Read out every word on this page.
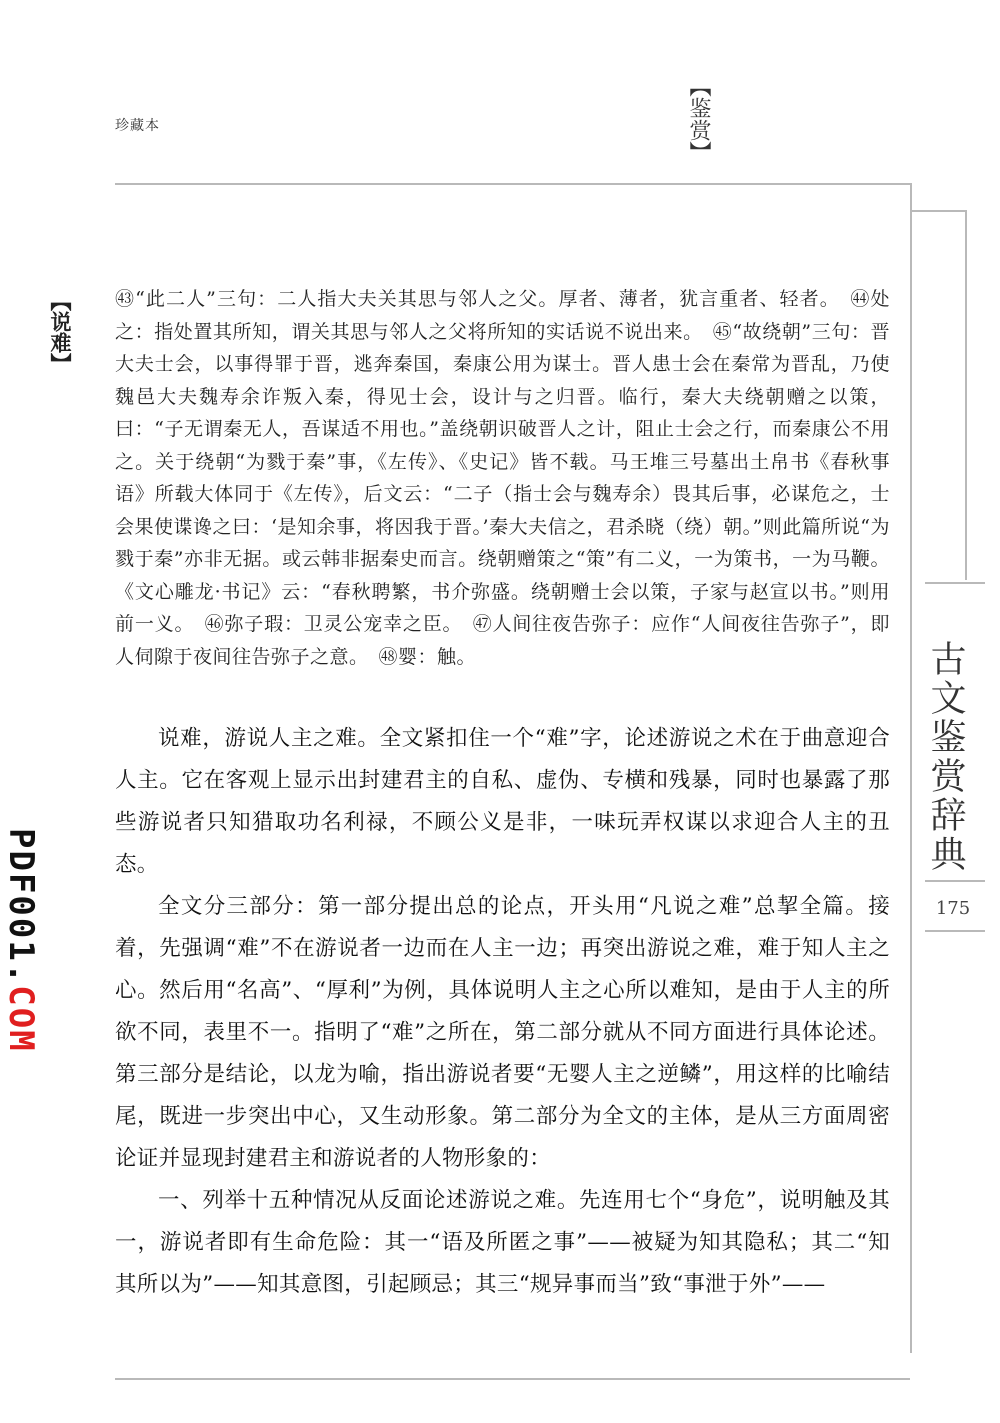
珍藏本	【鉴赏】
【说难】
古文鉴赏辞典
175
PDF001.COM

㊸“此二人”三句：二人指大夫关其思与邻人之父。厚者、薄者，犹言重者、轻者。　㊹处之：指处置其所知，谓关其思与邻人之父将所知的实话说不说出来。　㊺“故绕朝”三句：晋大夫士会，以事得罪于晋，逃奔秦国，秦康公用为谋士。晋人患士会在秦常为晋乱，乃使魏邑大夫魏寿余诈叛入秦，得见士会，设计与之归晋。临行，秦大夫绕朝赠之以策，曰：“子无谓秦无人，吾谋适不用也。”盖绕朝识破晋人之计，阻止士会之行，而秦康公不用之。关于绕朝“为戮于秦”事，《左传》、《史记》皆不载。马王堆三号墓出土帛书《春秋事语》所载大体同于《左传》，后文云：“二子（指士会与魏寿余）畏其后事，必谋危之，士会果使谍谗之曰：‘是知余事，将因我于晋。’秦大夫信之，君杀晓（绕）朝。”则此篇所说“为戮于秦”亦非无据。或云韩非据秦史而言。绕朝赠策之“策”有二义，一为策书，一为马鞭。《文心雕龙·书记》云：“春秋聘繁，书介弥盛。绕朝赠士会以策，子家与赵宣以书。”则用前一义。　㊻弥子瑕：卫灵公宠幸之臣。　㊼人间往夜告弥子：应作“人间夜往告弥子”，即人伺隙于夜间往告弥子之意。　㊽婴：触。

说难，游说人主之难。全文紧扣住一个“难”字，论述游说之术在于曲意迎合人主。它在客观上显示出封建君主的自私、虚伪、专横和残暴，同时也暴露了那些游说者只知猎取功名利禄，不顾公义是非，一味玩弄权谋以求迎合人主的丑态。

全文分三部分：第一部分提出总的论点，开头用“凡说之难”总挈全篇。接着，先强调“难”不在游说者一边而在人主一边；再突出游说之难，难于知人主之心。然后用“名高”、“厚利”为例，具体说明人主之心所以难知，是由于人主的所欲不同，表里不一。指明了“难”之所在，第二部分就从不同方面进行具体论述。第三部分是结论，以龙为喻，指出游说者要“无婴人主之逆鳞”，用这样的比喻结尾，既进一步突出中心，又生动形象。第二部分为全文的主体，是从三方面周密论证并显现封建君主和游说者的人物形象的：

一、列举十五种情况从反面论述游说之难。先连用七个“身危”，说明触及其一，游说者即有生命危险：其一“语及所匿之事”——被疑为知其隐私；其二“知其所以为”——知其意图，引起顾忌；其三“规异事而当”致“事泄于外”——
